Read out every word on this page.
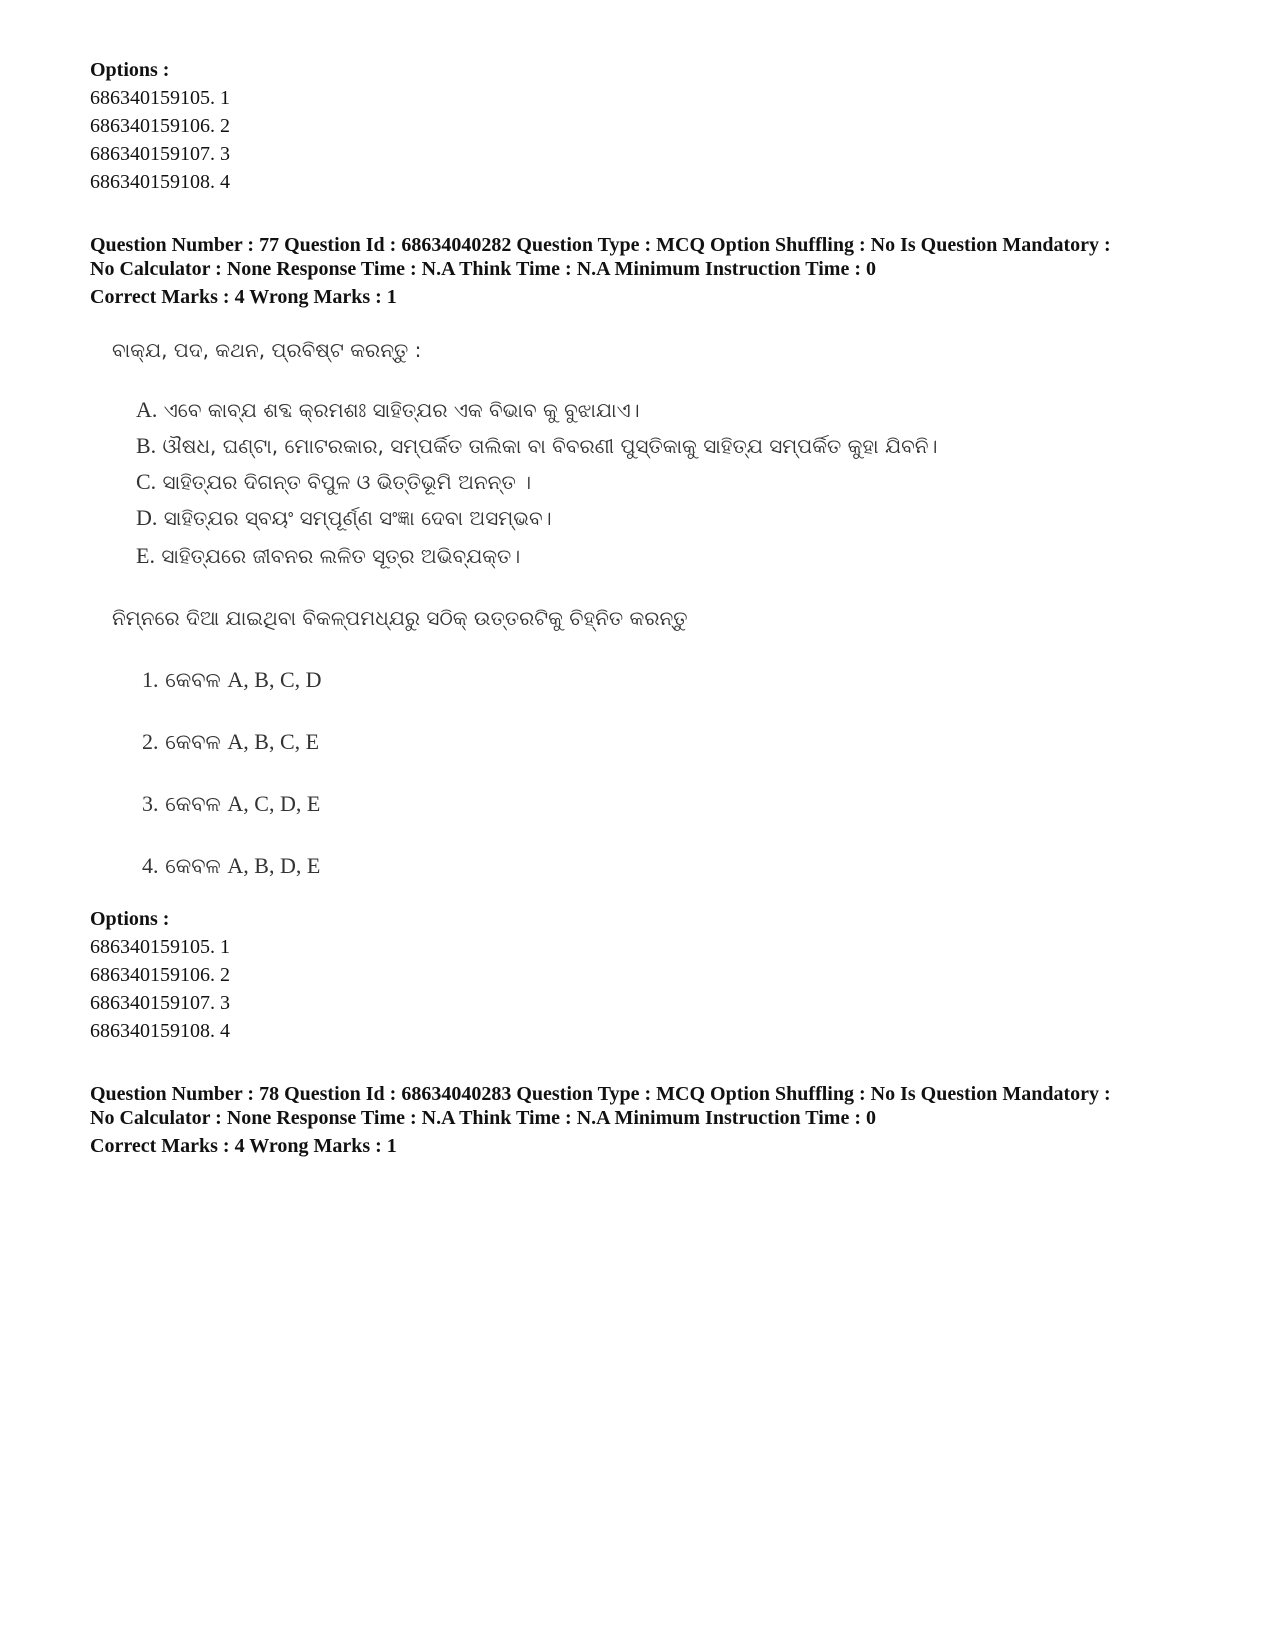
Options :
686340159105. 1
686340159106. 2
686340159107. 3
686340159108. 4
Question Number : 77 Question Id : 68634040282 Question Type : MCQ Option Shuffling : No Is Question Mandatory :
No Calculator : None Response Time : N.A Think Time : N.A Minimum Instruction Time : 0
Correct Marks : 4 Wrong Marks : 1
ବାକ୍ଯ, ପଦ, କଥନ, ପ୍ରବିଷ୍ଟ କରନ୍ତୁ :
A. ଏବେ କାବ୍ଯ ଶବ୍ଦ କ୍ରମଶଃ ସାହିତ୍ଯର ଏକ ବିଭାବ କୁ ବୁଝାଯାଏ।
B. ଔଷଧ, ଘଣ୍ଟା, ମୋଟରକାର, ସମ୍ପର୍କିତ ତାଲିକା ବା ବିବରଣୀ ପୁସ୍ତିକାକୁ ସାହିତ୍ଯ ସମ୍ପର୍କିତ କୁହା ଯିବନି।
C. ସାହିତ୍ଯର ଦିଗନ୍ତ ବିପୁଳ ଓ ଭିତ୍ତିଭୂମି ଅନନ୍ତ ।
D. ସାହିତ୍ଯର ସ୍ବୟଂ ସମ୍ପୂର୍ଣ୍ଣ ସଂଜ୍ଞା ଦେବା ଅସମ୍ଭବ।
E. ସାହିତ୍ଯରେ ଜୀବନର ଲଳିତ ସୂତ୍ର ଅଭିବ୍ଯକ୍ତ।
ନିମ୍ନରେ ଦିଆ ଯାଇଥିବା ବିକଳ୍ପମଧ୍ଯରୁ ସଠିକ୍ ଉତ୍ତରଟିକୁ ଚିହ୍ନିତ କରନ୍ତୁ
1. କେବଳ A, B, C, D
2. କେବଳ A, B, C, E
3. କେବଳ A, C, D, E
4. କେବଳ A, B, D, E
Options :
686340159105. 1
686340159106. 2
686340159107. 3
686340159108. 4
Question Number : 78 Question Id : 68634040283 Question Type : MCQ Option Shuffling : No Is Question Mandatory :
No Calculator : None Response Time : N.A Think Time : N.A Minimum Instruction Time : 0
Correct Marks : 4 Wrong Marks : 1
